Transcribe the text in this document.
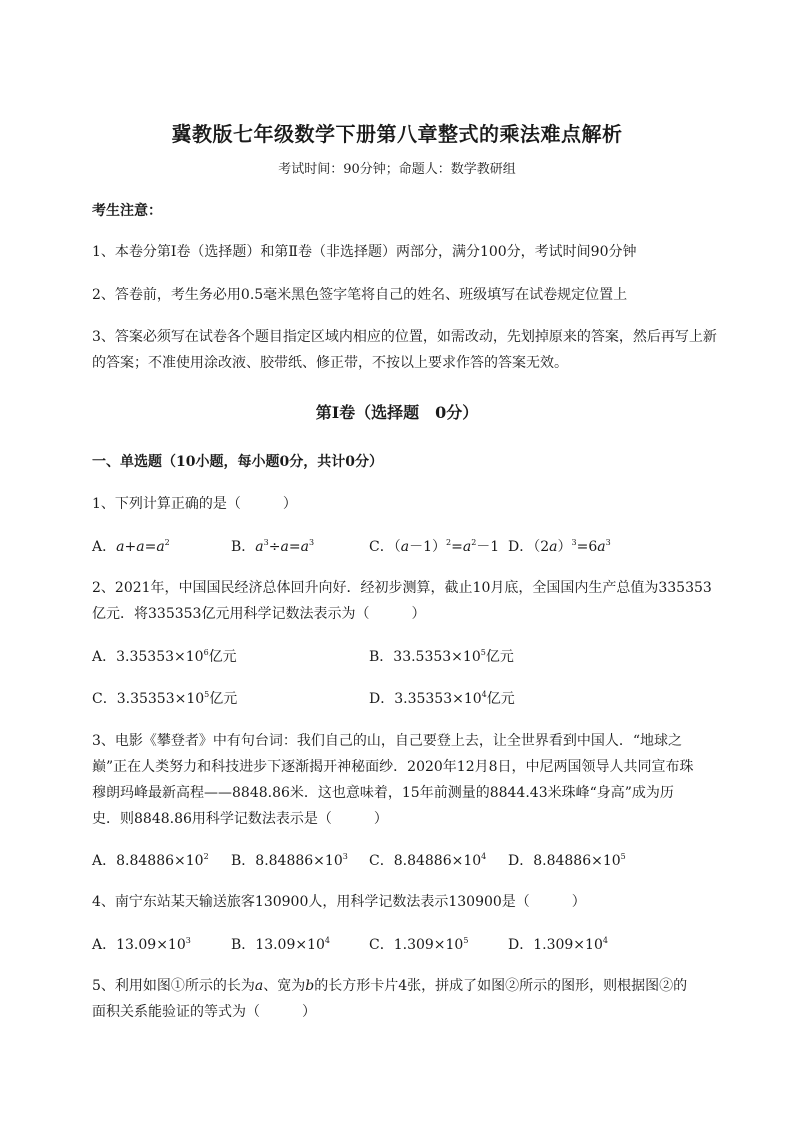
冀教版七年级数学下册第八章整式的乘法难点解析
考试时间：90分钟；命题人：数学教研组
考生注意：
1、本卷分第Ⅰ卷（选择题）和第Ⅱ卷（非选择题）两部分，满分100分，考试时间90分钟
2、答卷前，考生务必用0.5毫米黑色签字笔将自己的姓名、班级填写在试卷规定位置上
3、答案必须写在试卷各个题目指定区域内相应的位置，如需改动，先划掉原来的答案，然后再写上新
的答案；不准使用涂改液、胶带纸、修正带，不按以上要求作答的答案无效。
第Ⅰ卷（选择题　0分）
一、单选题（10小题，每小题0分，共计0分）
1、下列计算正确的是（　　　）
A．$a+a=a^2$	B．$a^3\div a=a^3$	C．$(a-1)^2=a^2-1$ D．$(2a)^3=6a^3$
2、2021年，中国国民经济总体回升向好．经初步测算，截止10月底，全国国内生产总值为335353
亿元．将335353亿元用科学记数法表示为（　　　）
A．$3.35353\times 10^6$亿元	B．$33.5353\times 10^5$亿元
C．$3.35353\times 10^5$亿元	D．$3.35353\times 10^4$亿元
3、电影《攀登者》中有句台词：我们自己的山，自己要登上去，让全世界看到中国人．“地球之
巅”正在人类努力和科技进步下逐渐揭开神秘面纱．2020年12月8日，中尼两国领导人共同宣布珠
穆朗玛峰最新高程——8848.86米．这也意味着，15年前测量的8844.43米珠峰“身高”成为历
史．则8848.86用科学记数法表示是（　　　）
A．$8.84886\times 10^2$ B．$8.84886\times 10^3$ C．$8.84886\times 10^4$ D．$8.84886\times 10^5$
4、南宁东站某天输送旅客130900人，用科学记数法表示130900是（　　　）
A．$13.09\times 10^3$	B．$13.09\times 10^4$	C．$1.309\times 10^5$	D．$1.309\times 10^4$
5、利用如图①所示的长为a、宽为b的长方形卡片4张，拼成了如图②所示的图形，则根据图②的
面积关系能验证的等式为（　　　）
